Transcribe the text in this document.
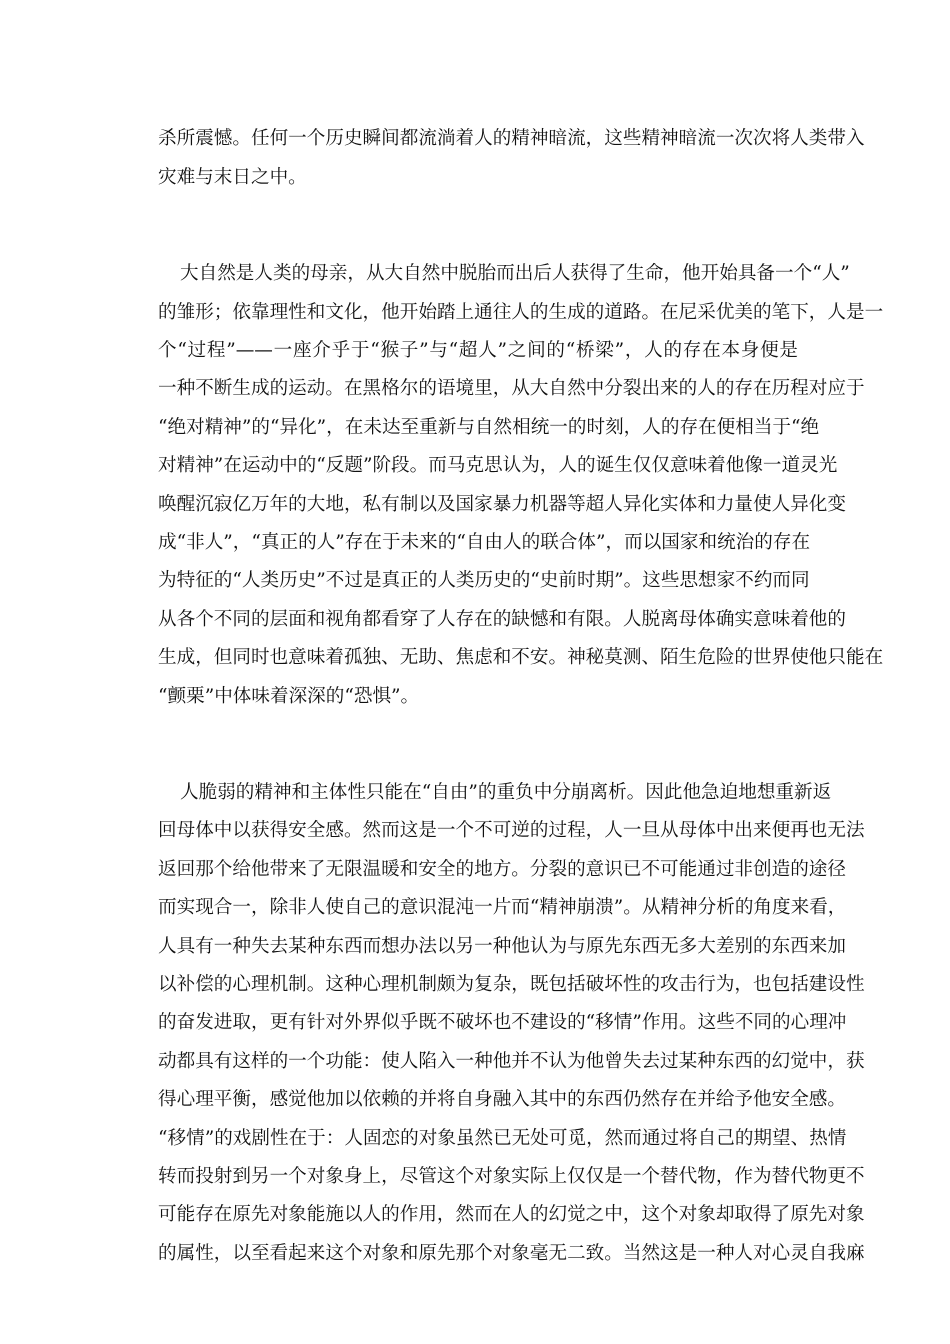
杀所震憾。任何一个历史瞬间都流淌着人的精神暗流，这些精神暗流一次次将人类带入

灾难与末日之中。

大自然是人类的母亲，从大自然中脱胎而出后人获得了生命，他开始具备一个“人”

的雏形；依靠理性和文化，他开始踏上通往人的生成的道路。在尼采优美的笔下，人是一

个“过程”——一座介乎于“猴子”与“超人”之间的“桥梁”，人的存在本身便是

一种不断生成的运动。在黑格尔的语境里，从大自然中分裂出来的人的存在历程对应于

“绝对精神”的“异化”，在未达至重新与自然相统一的时刻，人的存在便相当于“绝

对精神”在运动中的“反题”阶段。而马克思认为，人的诞生仅仅意味着他像一道灵光

唤醒沉寂亿万年的大地，私有制以及国家暴力机器等超人异化实体和力量使人异化变

成“非人”，“真正的人”存在于未来的“自由人的联合体”，而以国家和统治的存在

为特征的“人类历史”不过是真正的人类历史的“史前时期”。这些思想家不约而同

从各个不同的层面和视角都看穿了人存在的缺憾和有限。人脱离母体确实意味着他的

生成，但同时也意味着孤独、无助、焦虑和不安。神秘莫测、陌生危险的世界使他只能在

“颤栗”中体味着深深的“恐惧”。

人脆弱的精神和主体性只能在“自由”的重负中分崩离析。因此他急迫地想重新返

回母体中以获得安全感。然而这是一个不可逆的过程，人一旦从母体中出来便再也无法

返回那个给他带来了无限温暖和安全的地方。分裂的意识已不可能通过非创造的途径

而实现合一，除非人使自己的意识混沌一片而“精神崩溃”。从精神分析的角度来看，

人具有一种失去某种东西而想办法以另一种他认为与原先东西无多大差别的东西来加

以补偿的心理机制。这种心理机制颇为复杂，既包括破坏性的攻击行为，也包括建设性

的奋发进取，更有针对外界似乎既不破坏也不建设的“移情”作用。这些不同的心理冲

动都具有这样的一个功能：使人陷入一种他并不认为他曾失去过某种东西的幻觉中，获

得心理平衡，感觉他加以依赖的并将自身融入其中的东西仍然存在并给予他安全感。

“移情”的戏剧性在于：人固恋的对象虽然已无处可觅，然而通过将自己的期望、热情

转而投射到另一个对象身上，尽管这个对象实际上仅仅是一个替代物，作为替代物更不

可能存在原先对象能施以人的作用，然而在人的幻觉之中，这个对象却取得了原先对象

的属性，以至看起来这个对象和原先那个对象毫无二致。当然这是一种人对心灵自我麻
